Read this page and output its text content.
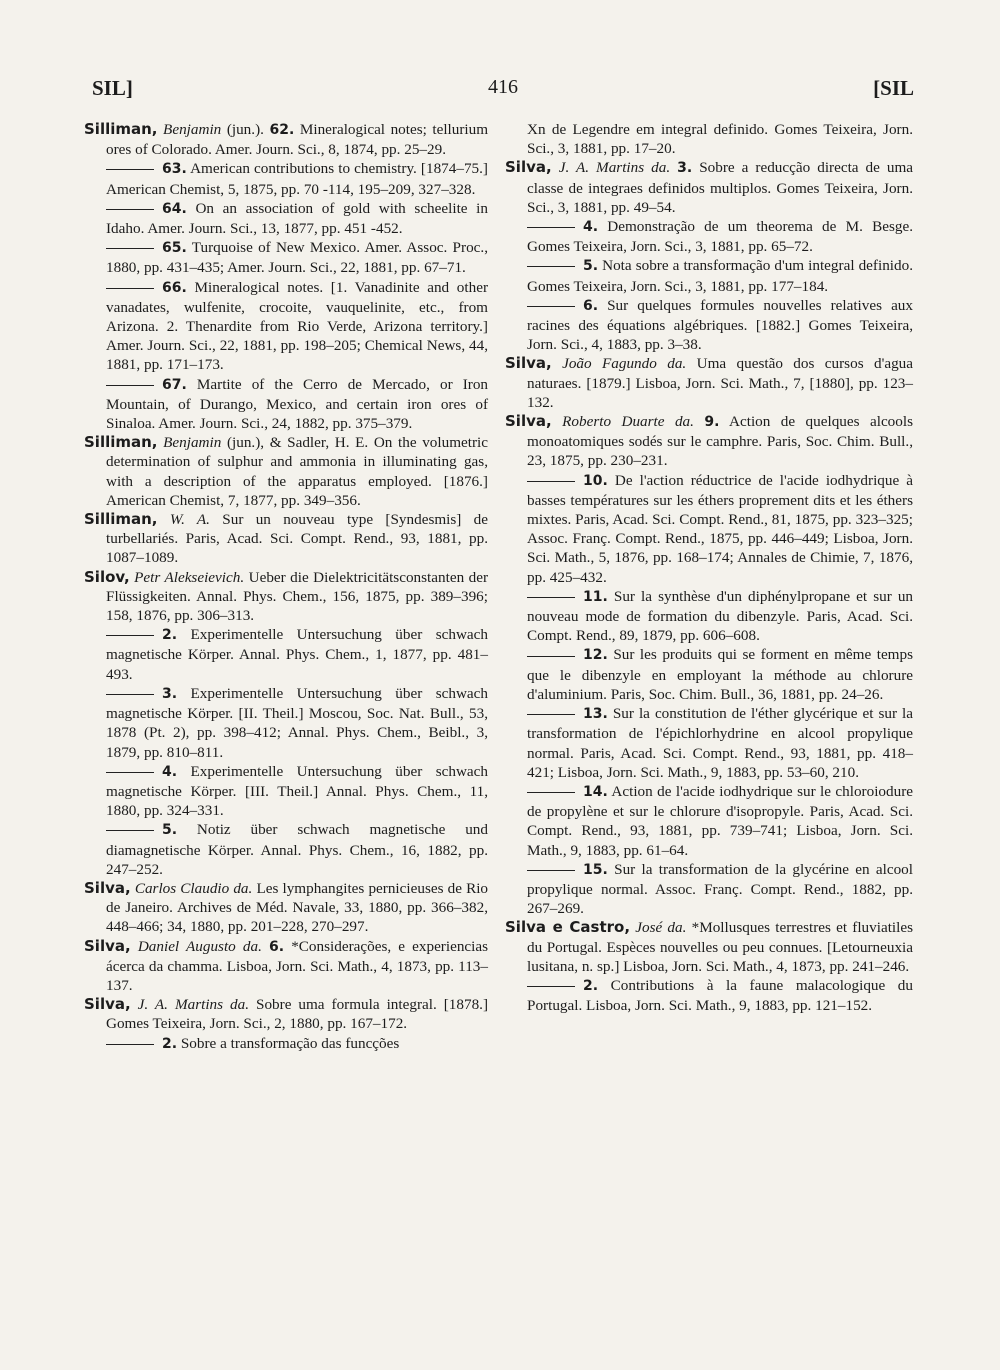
SIL]	416	[SIL

Silliman, Benjamin (jun.). 62. Mineralogical notes; tellurium ores of Colorado. Amer. Journ. Sci., 8, 1874, pp. 25–29.

63. American contributions to chemistry. [1874–75.] American Chemist, 5, 1875, pp. 70 -114, 195–209, 327–328.

64. On an association of gold with scheelite in Idaho. Amer. Journ. Sci., 13, 1877, pp. 451 -452.

65. Turquoise of New Mexico. Amer. Assoc. Proc., 1880, pp. 431–435; Amer. Journ. Sci., 22, 1881, pp. 67–71.

66. Mineralogical notes. [1. Vanadinite and other vanadates, wulfenite, crocoite, vauquelinite, etc., from Arizona. 2. Thenardite from Rio Verde, Arizona territory.] Amer. Journ. Sci., 22, 1881, pp. 198–205; Chemical News, 44, 1881, pp. 171–173.

67. Martite of the Cerro de Mercado, or Iron Mountain, of Durango, Mexico, and certain iron ores of Sinaloa. Amer. Journ. Sci., 24, 1882, pp. 375–379.

Silliman, Benjamin (jun.), & Sadler, H. E. On the volumetric determination of sulphur and ammonia in illuminating gas, with a description of the apparatus employed. [1876.] American Chemist, 7, 1877, pp. 349–356.

Silliman, W. A. Sur un nouveau type [Syndesmis] de turbellariés. Paris, Acad. Sci. Compt. Rend., 93, 1881, pp. 1087–1089.

Silov, Petr Alekseievich. Ueber die Dielektricitätsconstanten der Flüssigkeiten. Annal. Phys. Chem., 156, 1875, pp. 389–396; 158, 1876, pp. 306–313.

2. Experimentelle Untersuchung über schwach magnetische Körper. Annal. Phys. Chem., 1, 1877, pp. 481–493.

3. Experimentelle Untersuchung über schwach magnetische Körper. [II. Theil.] Moscou, Soc. Nat. Bull., 53, 1878 (Pt. 2), pp. 398–412; Annal. Phys. Chem., Beibl., 3, 1879, pp. 810–811.

4. Experimentelle Untersuchung über schwach magnetische Körper. [III. Theil.] Annal. Phys. Chem., 11, 1880, pp. 324–331.

5. Notiz über schwach magnetische und diamagnetische Körper. Annal. Phys. Chem., 16, 1882, pp. 247–252.

Silva, Carlos Claudio da. Les lymphangites pernicieuses de Rio de Janeiro. Archives de Méd. Navale, 33, 1880, pp. 366–382, 448–466; 34, 1880, pp. 201–228, 270–297.

Silva, Daniel Augusto da. 6. *Considerações, e experiencias ácerca da chamma. Lisboa, Jorn. Sci. Math., 4, 1873, pp. 113–137.

Silva, J. A. Martins da. Sobre uma formula integral. [1878.] Gomes Teixeira, Jorn. Sci., 2, 1880, pp. 167–172.

2. Sobre a transformação das funcções

Xn de Legendre em integral definido. Gomes Teixeira, Jorn. Sci., 3, 1881, pp. 17–20.

Silva, J. A. Martins da. 3. Sobre a reducção directa de uma classe de integraes definidos multiplos. Gomes Teixeira, Jorn. Sci., 3, 1881, pp. 49–54.

4. Demonstração de um theorema de M. Besge. Gomes Teixeira, Jorn. Sci., 3, 1881, pp. 65–72.

5. Nota sobre a transformação d'um integral definido. Gomes Teixeira, Jorn. Sci., 3, 1881, pp. 177–184.

6. Sur quelques formules nouvelles relatives aux racines des équations algébriques. [1882.] Gomes Teixeira, Jorn. Sci., 4, 1883, pp. 3–38.

Silva, João Fagundo da. Uma questão dos cursos d'agua naturaes. [1879.] Lisboa, Jorn. Sci. Math., 7, [1880], pp. 123–132.

Silva, Roberto Duarte da. 9. Action de quelques alcools monoatomiques sodés sur le camphre. Paris, Soc. Chim. Bull., 23, 1875, pp. 230–231.

10. De l'action réductrice de l'acide iodhydrique à basses températures sur les éthers proprement dits et les éthers mixtes. Paris, Acad. Sci. Compt. Rend., 81, 1875, pp. 323–325; Assoc. Franç. Compt. Rend., 1875, pp. 446–449; Lisboa, Jorn. Sci. Math., 5, 1876, pp. 168–174; Annales de Chimie, 7, 1876, pp. 425–432.

11. Sur la synthèse d'un diphénylpropane et sur un nouveau mode de formation du dibenzyle. Paris, Acad. Sci. Compt. Rend., 89, 1879, pp. 606–608.

12. Sur les produits qui se forment en même temps que le dibenzyle en employant la méthode au chlorure d'aluminium. Paris, Soc. Chim. Bull., 36, 1881, pp. 24–26.

13. Sur la constitution de l'éther glycérique et sur la transformation de l'épichlorhydrine en alcool propylique normal. Paris, Acad. Sci. Compt. Rend., 93, 1881, pp. 418–421; Lisboa, Jorn. Sci. Math., 9, 1883, pp. 53–60, 210.

14. Action de l'acide iodhydrique sur le chloroiodure de propylène et sur le chlorure d'isopropyle. Paris, Acad. Sci. Compt. Rend., 93, 1881, pp. 739–741; Lisboa, Jorn. Sci. Math., 9, 1883, pp. 61–64.

15. Sur la transformation de la glycérine en alcool propylique normal. Assoc. Franç. Compt. Rend., 1882, pp. 267–269.

Silva e Castro, José da. *Mollusques terrestres et fluviatiles du Portugal. Espèces nouvelles ou peu connues. [Letourneuxia lusitana, n. sp.] Lisboa, Jorn. Sci. Math., 4, 1873, pp. 241–246.

2. Contributions à la faune malacologique du Portugal. Lisboa, Jorn. Sci. Math., 9, 1883, pp. 121–152.
